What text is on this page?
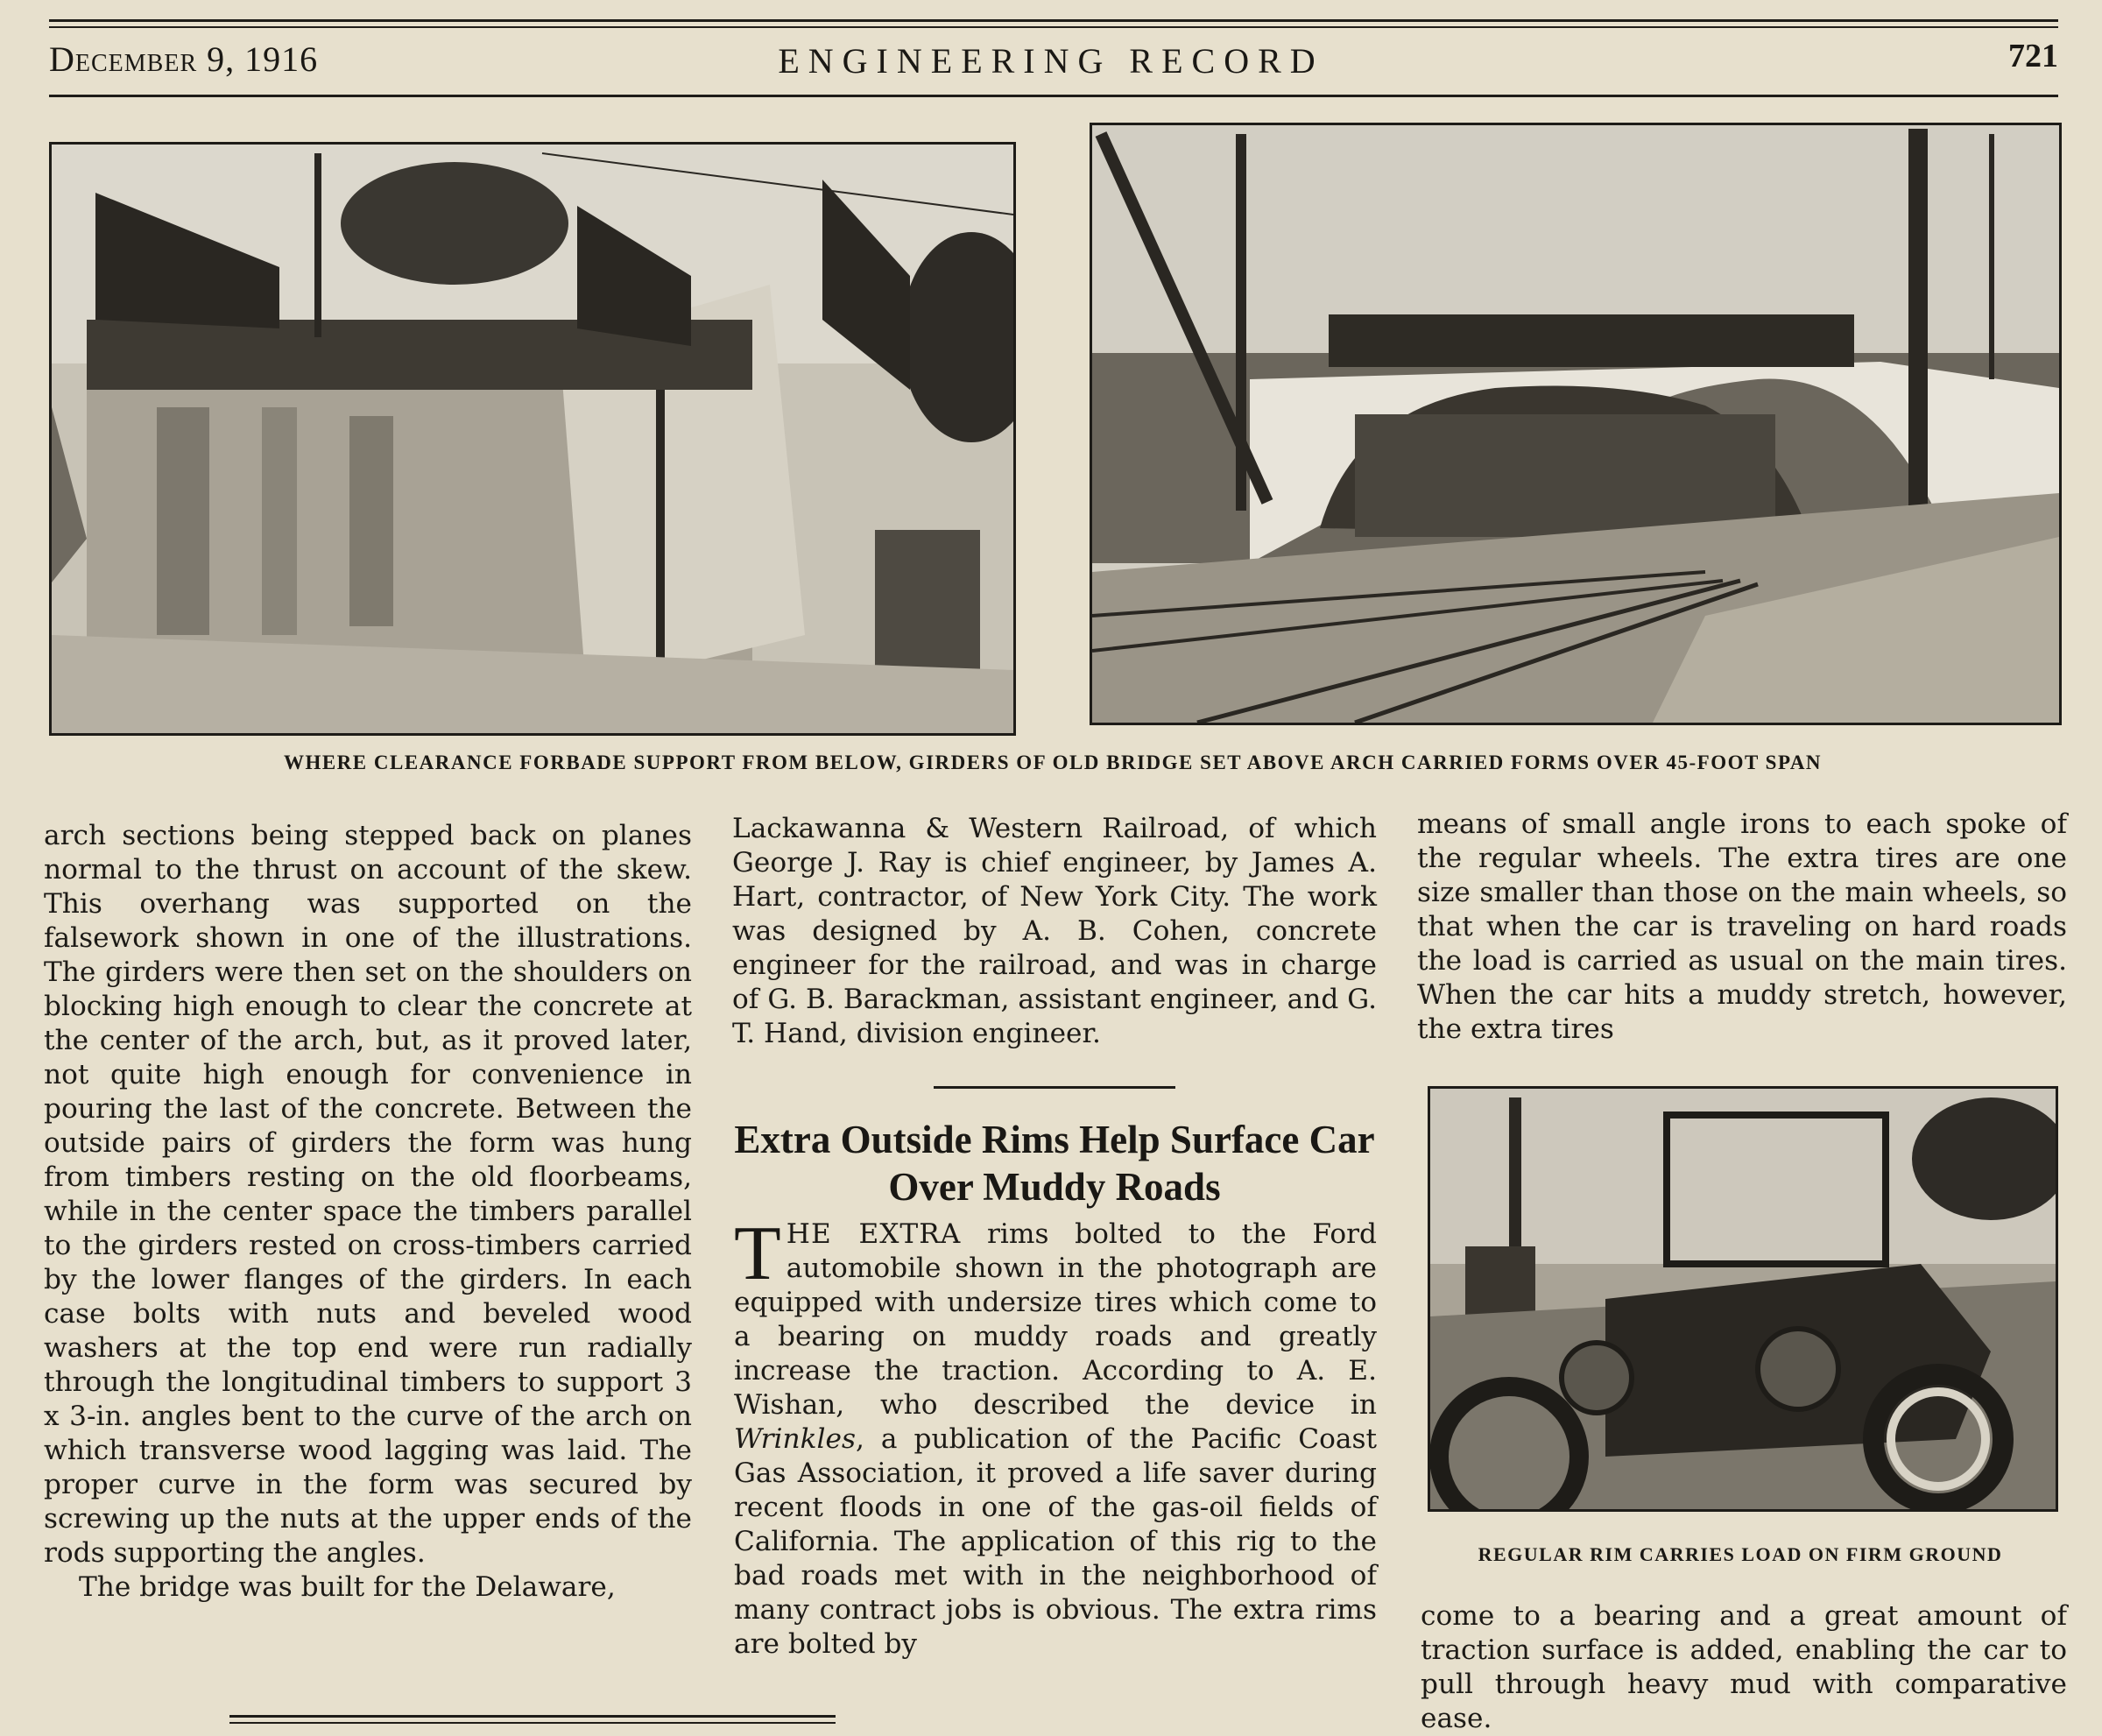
December 9, 1916	ENGINEERING RECORD	721
WHERE CLEARANCE FORBADE SUPPORT FROM BELOW, GIRDERS OF OLD BRIDGE SET ABOVE ARCH CARRIED FORMS OVER 45-FOOT SPAN

arch sections being stepped back on planes normal to the thrust on account of the skew. This overhang was supported on the falsework shown in one of the illustrations. The girders were then set on the shoulders on blocking high enough to clear the concrete at the center of the arch, but, as it proved later, not quite high enough for convenience in pouring the last of the concrete. Between the outside pairs of girders the form was hung from timbers resting on the old floorbeams, while in the center space the timbers parallel to the girders rested on cross-timbers carried by the lower flanges of the girders. In each case bolts with nuts and beveled wood washers at the top end were run radially through the longitudinal timbers to support 3 x 3-in. angles bent to the curve of the arch on which transverse wood lagging was laid. The proper curve in the form was secured by screwing up the nuts at the upper ends of the rods supporting the angles.

The bridge was built for the Delaware,

Lackawanna & Western Railroad, of which George J. Ray is chief engineer, by James A. Hart, contractor, of New York City. The work was designed by A. B. Cohen, concrete engineer for the railroad, and was in charge of G. B. Barackman, assistant engineer, and G. T. Hand, division engineer.

Extra Outside Rims Help Surface Car Over Muddy Roads

THE EXTRA rims bolted to the Ford automobile shown in the photograph are equipped with undersize tires which come to a bearing on muddy roads and greatly increase the traction. According to A. E. Wishan, who described the device in Wrinkles, a publication of the Pacific Coast Gas Association, it proved a life saver during recent floods in one of the gas-oil fields of California. The application of this rig to the bad roads met with in the neighborhood of many contract jobs is obvious. The extra rims are bolted by

means of small angle irons to each spoke of the regular wheels. The extra tires are one size smaller than those on the main wheels, so that when the car is traveling on hard roads the load is carried as usual on the main tires. When the car hits a muddy stretch, however, the extra tires

REGULAR RIM CARRIES LOAD ON FIRM GROUND

come to a bearing and a great amount of traction surface is added, enabling the car to pull through heavy mud with comparative ease.
